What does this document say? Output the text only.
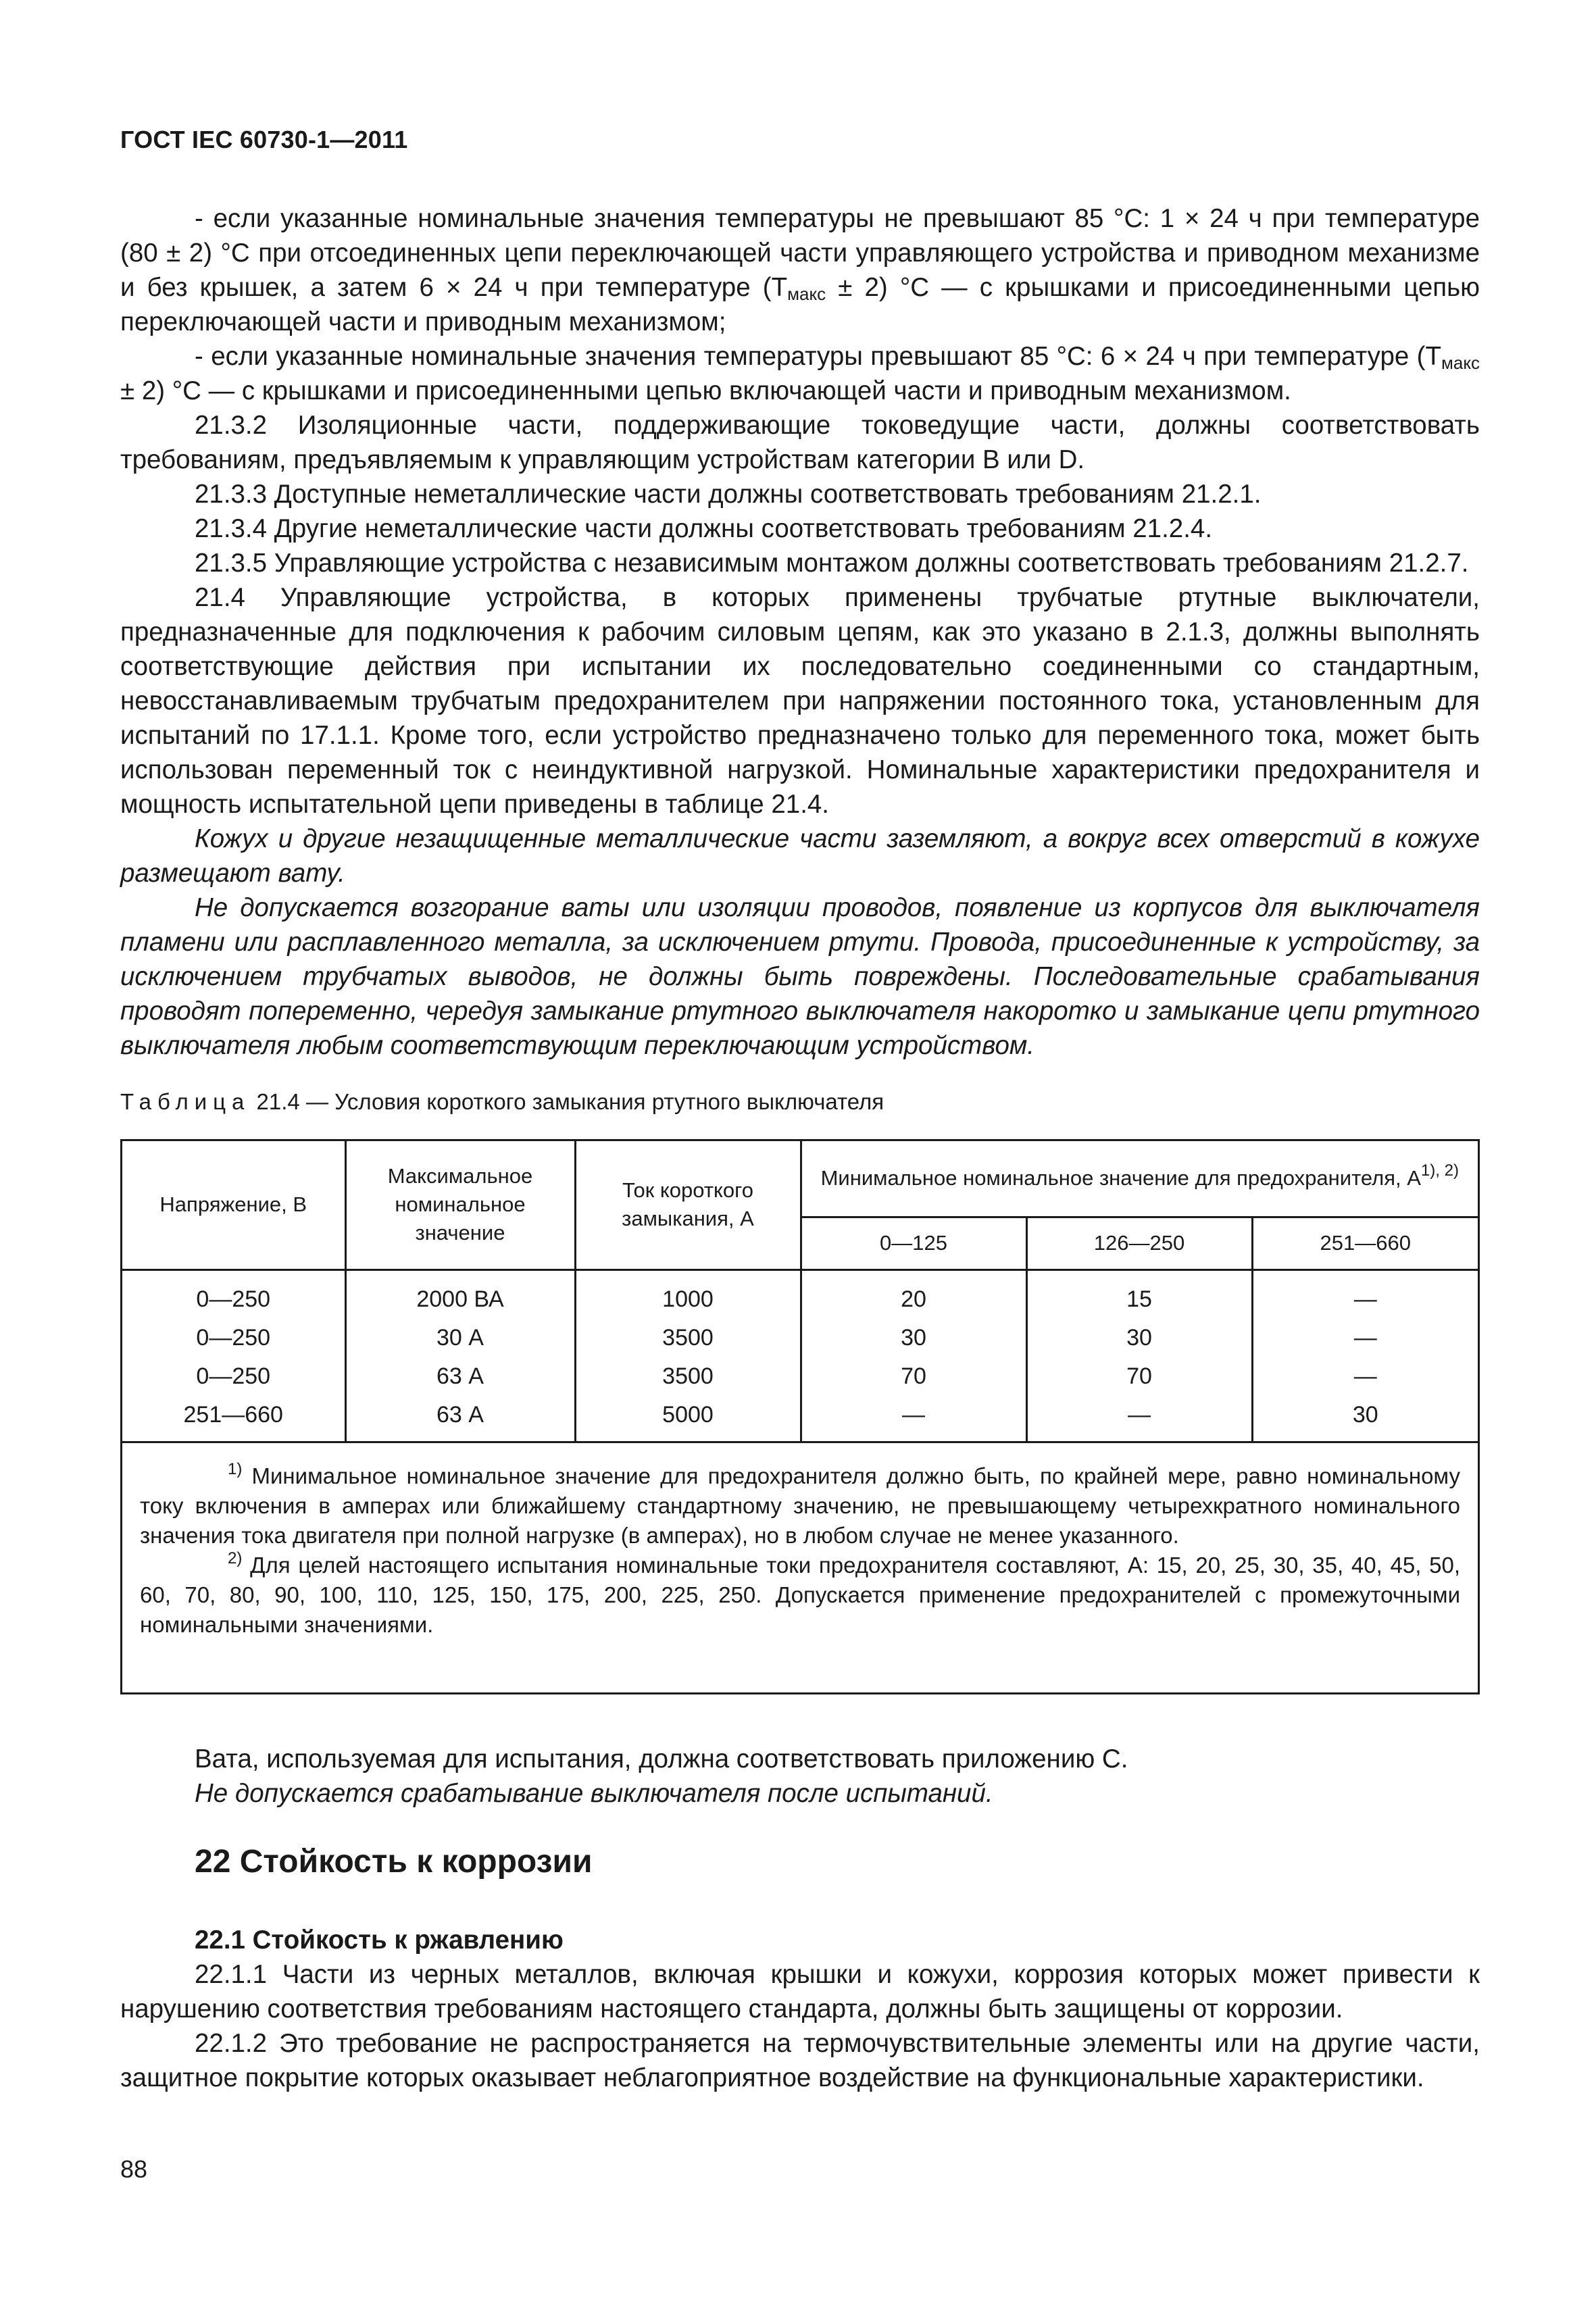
ГОСТ IEC 60730-1—2011

- если указанные номинальные значения температуры не превышают 85 °С: 1 × 24 ч при температуре (80 ± 2) °С при отсоединенных цепи переключающей части управляющего устройства и приводном механизме и без крышек, а затем 6 × 24 ч при температуре $(Т_{макс} \pm 2)$ °С — с крышками и присоединенными цепью переключающей части и приводным механизмом;

- если указанные номинальные значения температуры превышают 85 °С: 6 × 24 ч при температуре $(Т_{макс} \pm 2)$ °С — с крышками и присоединенными цепью включающей части и приводным механизмом.

21.3.2 Изоляционные части, поддерживающие токоведущие части, должны соответствовать требованиям, предъявляемым к управляющим устройствам категории В или D.

21.3.3 Доступные неметаллические части должны соответствовать требованиям 21.2.1.

21.3.4 Другие неметаллические части должны соответствовать требованиям 21.2.4.

21.3.5 Управляющие устройства с независимым монтажом должны соответствовать требованиям 21.2.7.

21.4 Управляющие устройства, в которых применены трубчатые ртутные выключатели, предназначенные для подключения к рабочим силовым цепям, как это указано в 2.1.3, должны выполнять соответствующие действия при испытании их последовательно соединенными со стандартным, невосстанавливаемым трубчатым предохранителем при напряжении постоянного тока, установленным для испытаний по 17.1.1. Кроме того, если устройство предназначено только для переменного тока, может быть использован переменный ток с неиндуктивной нагрузкой. Номинальные характеристики предохранителя и мощность испытательной цепи приведены в таблице 21.4.

Кожух и другие незащищенные металлические части заземляют, а вокруг всех отверстий в кожухе размещают вату.

Не допускается возгорание ваты или изоляции проводов, появление из корпусов для выключателя пламени или расплавленного металла, за исключением ртути. Провода, присоединенные к устройству, за исключением трубчатых выводов, не должны быть повреждены. Последовательные срабатывания проводят попеременно, чередуя замыкание ртутного выключателя накоротко и замыкание цепи ртутного выключателя любым соответствующим переключающим устройством.

Таблица 21.4 — Условия короткого замыкания ртутного выключателя
Напряжение, В	Максимальное номинальное значение	Ток короткого замыкания, А	Минимальное номинальное значение для предохранителя, $А^{1), 2)}$
			0—125	126—250	251—660
0—250	2000 ВА	1000	20	15	—
0—250	30 А	3500	30	30	—
0—250	63 А	3500	70	70	—
251—660	63 А	5000	—	—	30

$^{1)}$ Минимальное номинальное значение для предохранителя должно быть, по крайней мере, равно номинальному току включения в амперах или ближайшему стандартному значению, не превышающему четырехкратного номинального значения тока двигателя при полной нагрузке (в амперах), но в любом случае не менее указанного.

$^{2)}$ Для целей настоящего испытания номинальные токи предохранителя составляют, А: 15, 20, 25, 30, 35, 40, 45, 50, 60, 70, 80, 90, 100, 110, 125, 150, 175, 200, 225, 250. Допускается применение предохранителей с промежуточными номинальными значениями.

Вата, используемая для испытания, должна соответствовать приложению С.

Не допускается срабатывание выключателя после испытаний.

22 Стойкость к коррозии

22.1 Стойкость к ржавлению

22.1.1 Части из черных металлов, включая крышки и кожухи, коррозия которых может привести к нарушению соответствия требованиям настоящего стандарта, должны быть защищены от коррозии.

22.1.2 Это требование не распространяется на термочувствительные элементы или на другие части, защитное покрытие которых оказывает неблагоприятное воздействие на функциональные характеристики.

88
